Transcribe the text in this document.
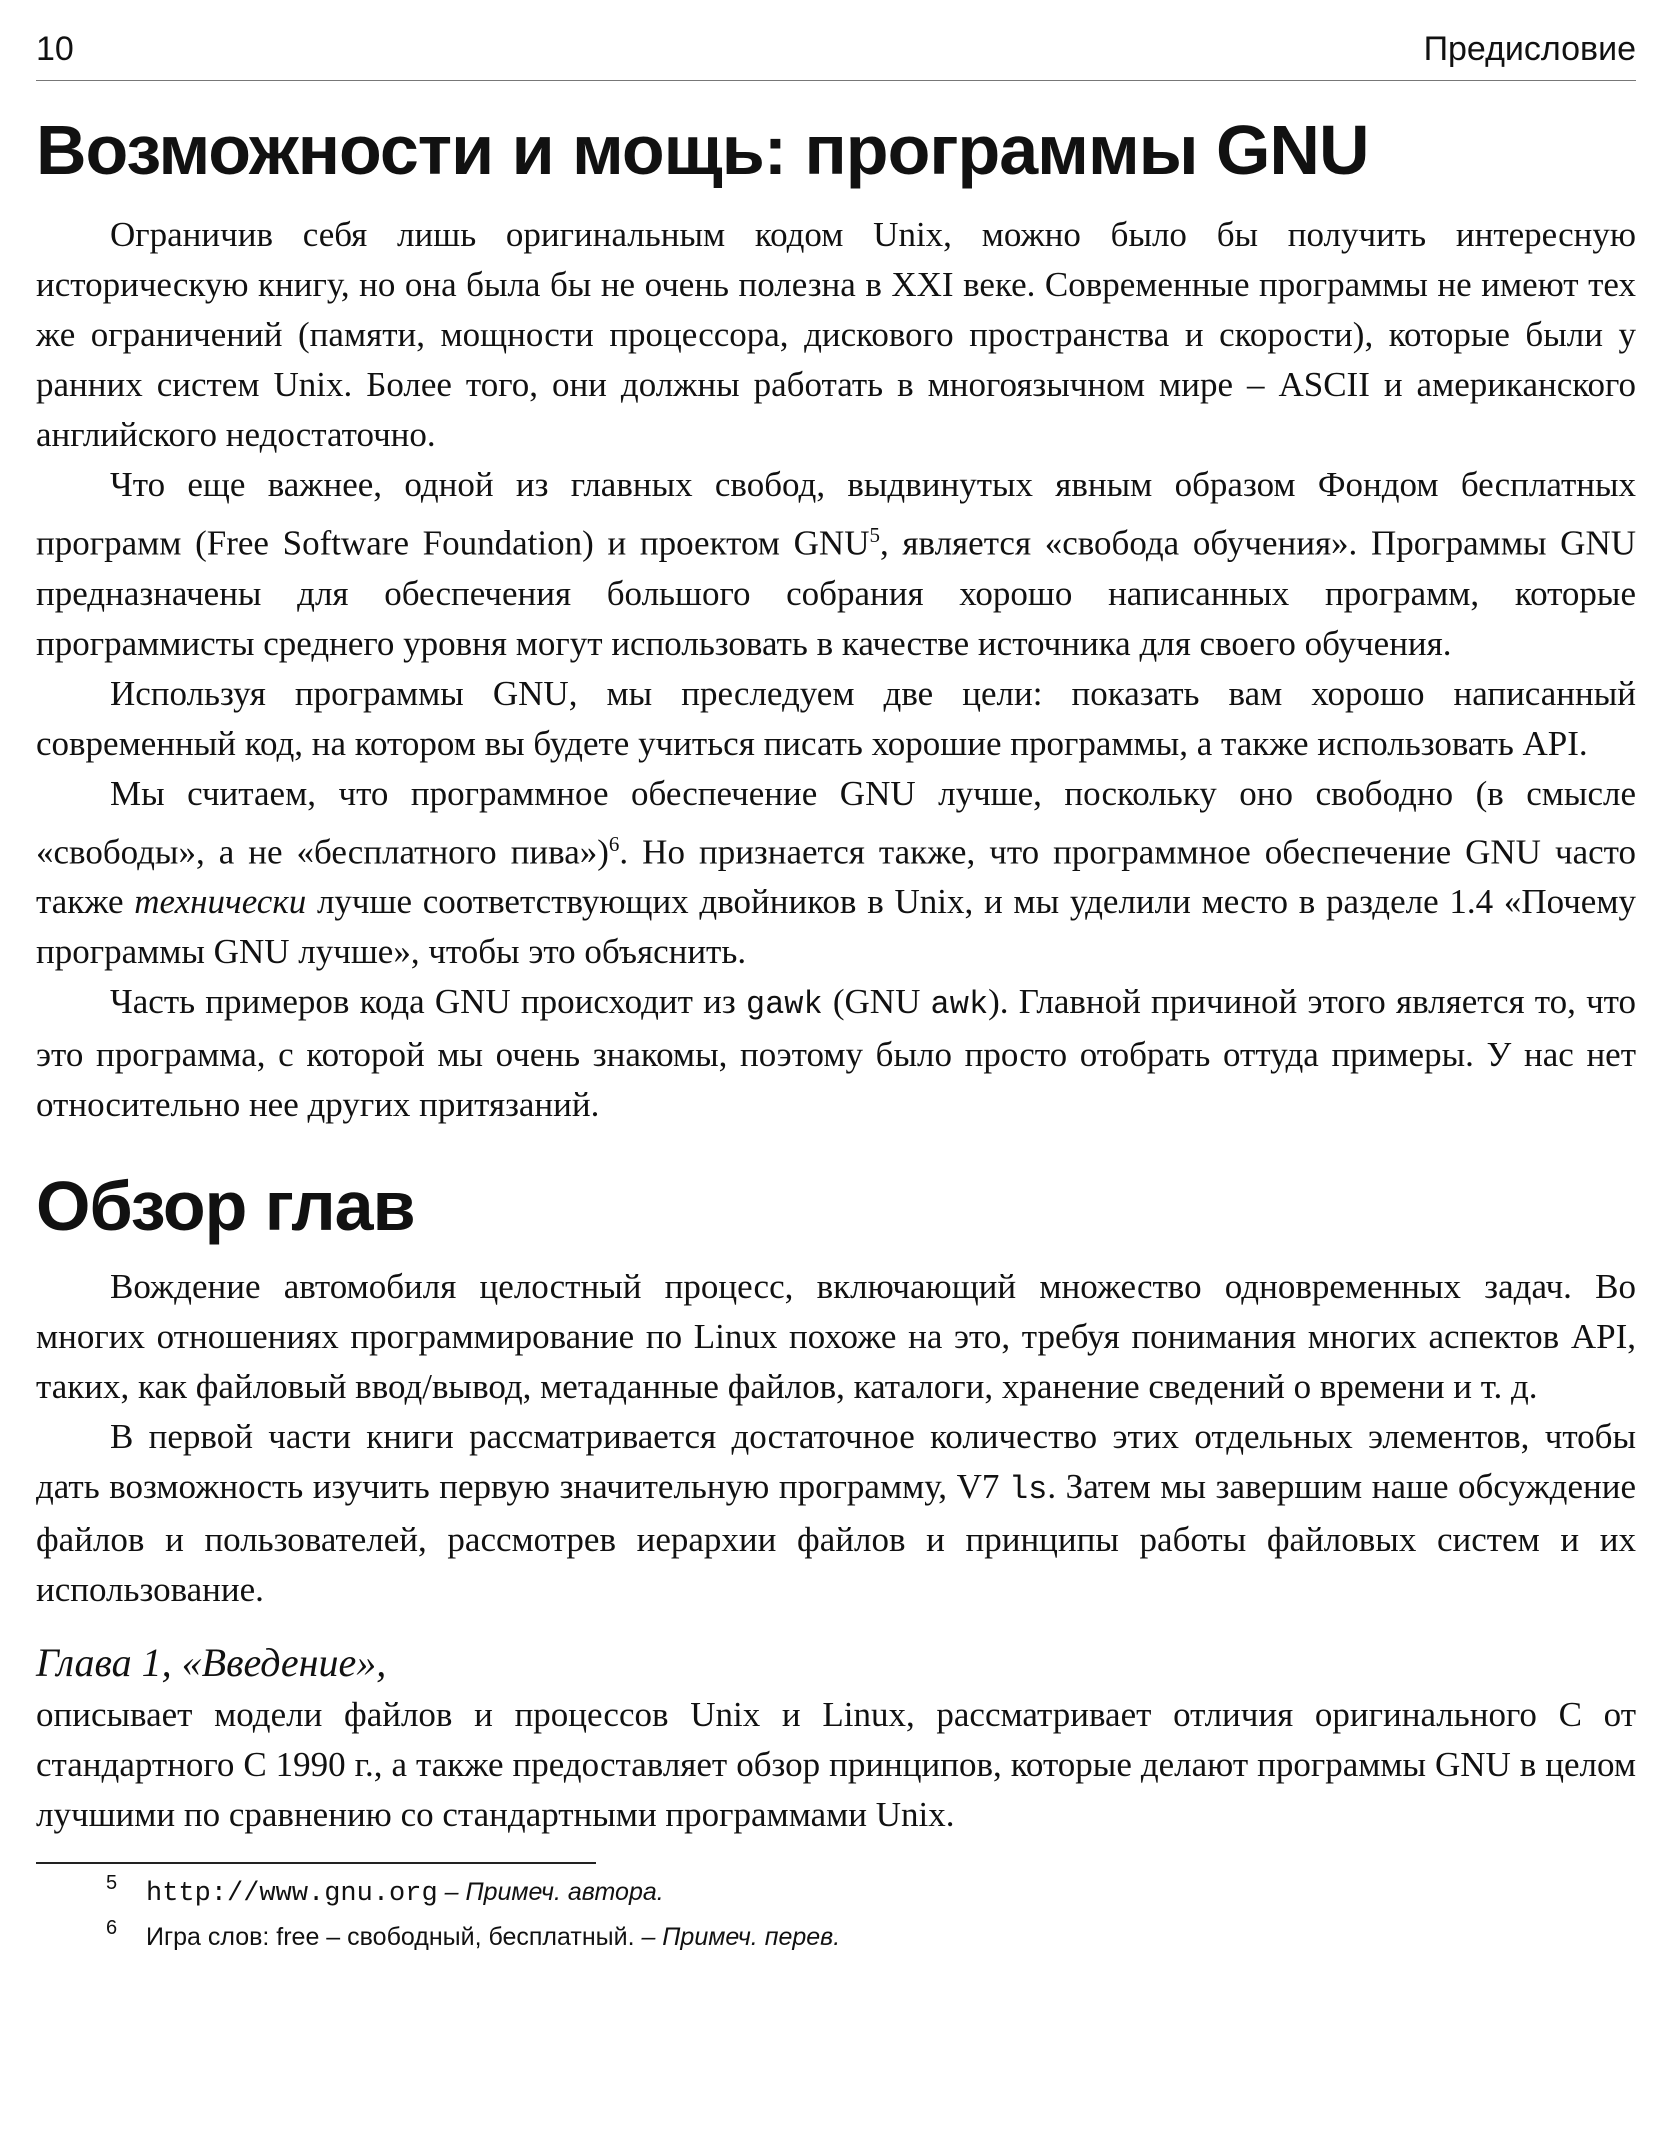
10	Предисловие
Возможности и мощь: программы GNU

Ограничив себя лишь оригинальным кодом Unix, можно было бы получить интересную историческую книгу, но она была бы не очень полезна в XXI веке. Современные программы не имеют тех же ограничений (памяти, мощности процессора, дискового пространства и скорости), которые были у ранних систем Unix. Более того, они должны работать в многоязычном мире – ASCII и американского английского недостаточно.

Что еще важнее, одной из главных свобод, выдвинутых явным образом Фондом бесплатных программ (Free Software Foundation) и проектом GNU$^5$, является «свобода обучения». Программы GNU предназначены для обеспечения большого собрания хорошо написанных программ, которые программисты среднего уровня могут использовать в качестве источника для своего обучения.

Используя программы GNU, мы преследуем две цели: показать вам хорошо написанный современный код, на котором вы будете учиться писать хорошие программы, а также использовать API.

Мы считаем, что программное обеспечение GNU лучше, поскольку оно свободно (в смысле «свободы», а не «бесплатного пива»)$^6$. Но признается также, что программное обеспечение GNU часто также технически лучше соответствующих двойников в Unix, и мы уделили место в разделе 1.4 «Почему программы GNU лучше», чтобы это объяснить.

Часть примеров кода GNU происходит из gawk (GNU awk). Главной причиной этого является то, что это программа, с которой мы очень знакомы, поэтому было просто отобрать оттуда примеры. У нас нет относительно нее других притязаний.

Обзор глав

Вождение автомобиля целостный процесс, включающий множество одновременных задач. Во многих отношениях программирование по Linux похоже на это, требуя понимания многих аспектов API, таких, как файловый ввод/вывод, метаданные файлов, каталоги, хранение сведений о времени и т. д.

В первой части книги рассматривается достаточное количество этих отдельных элементов, чтобы дать возможность изучить первую значительную программу, V7 ls. Затем мы завершим наше обсуждение файлов и пользователей, рассмотрев иерархии файлов и принципы работы файловых систем и их использование.

Глава 1, «Введение»,

описывает модели файлов и процессов Unix и Linux, рассматривает отличия оригинального C от стандартного C 1990 г., а также предоставляет обзор принципов, которые делают программы GNU в целом лучшими по сравнению со стандартными программами Unix.

5 http://www.gnu.org – Примеч. автора.
6 Игра слов: free – свободный, бесплатный. – Примеч. перев.
